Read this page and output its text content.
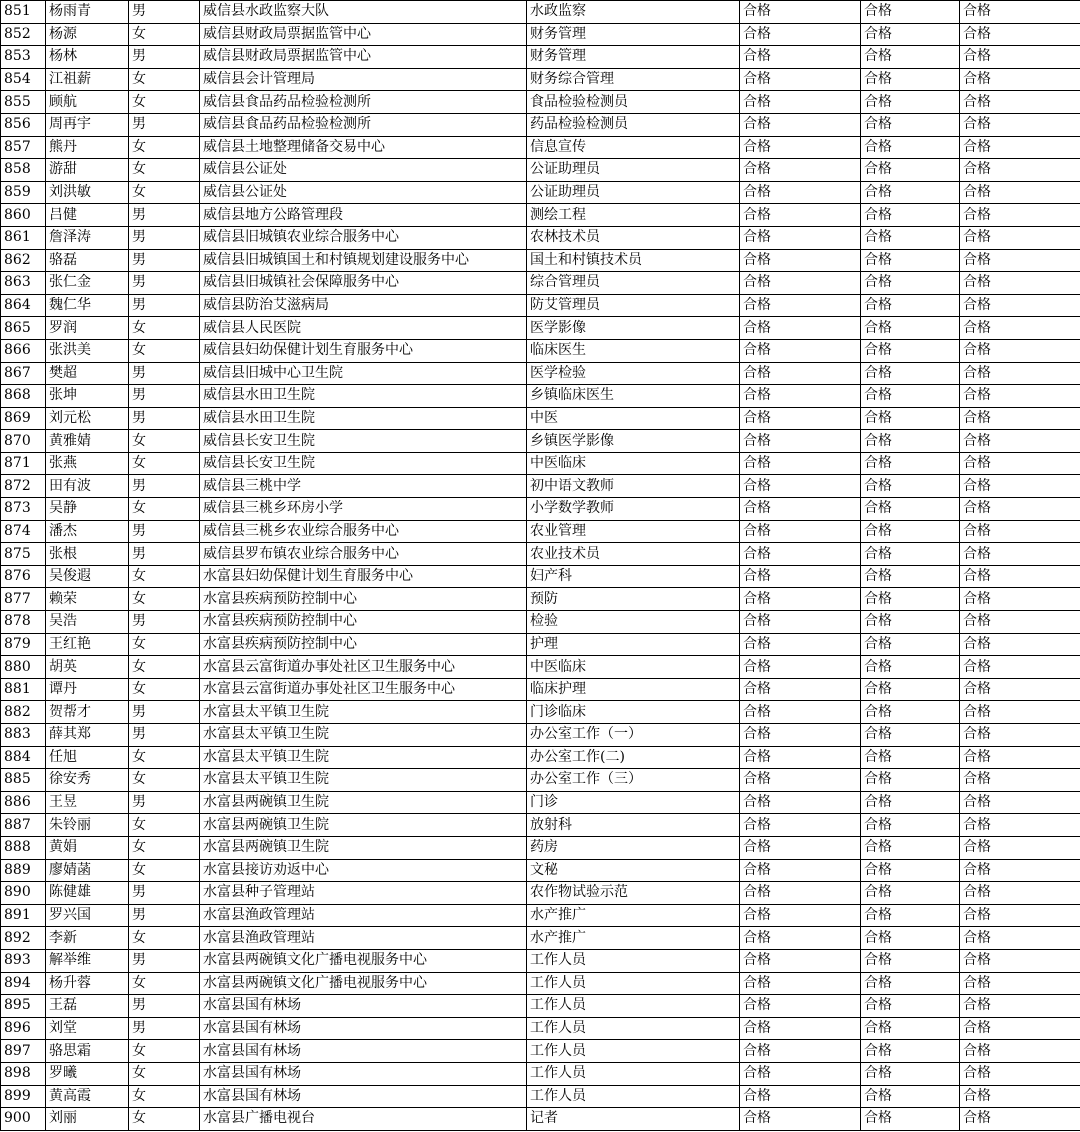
851	杨雨青	男	威信县水政监察大队	水政监察	合格	合格	合格
852	杨源	女	威信县财政局票据监管中心	财务管理	合格	合格	合格
853	杨林	男	威信县财政局票据监管中心	财务管理	合格	合格	合格
854	江祖薪	女	威信县会计管理局	财务综合管理	合格	合格	合格
855	顾航	女	威信县食品药品检验检测所	食品检验检测员	合格	合格	合格
856	周再宇	男	威信县食品药品检验检测所	药品检验检测员	合格	合格	合格
857	熊丹	女	威信县土地整理储备交易中心	信息宣传	合格	合格	合格
858	游甜	女	威信县公证处	公证助理员	合格	合格	合格
859	刘洪敏	女	威信县公证处	公证助理员	合格	合格	合格
860	吕健	男	威信县地方公路管理段	测绘工程	合格	合格	合格
861	詹泽涛	男	威信县旧城镇农业综合服务中心	农林技术员	合格	合格	合格
862	骆磊	男	威信县旧城镇国土和村镇规划建设服务中心	国土和村镇技术员	合格	合格	合格
863	张仁金	男	威信县旧城镇社会保障服务中心	综合管理员	合格	合格	合格
864	魏仁华	男	威信县防治艾滋病局	防艾管理员	合格	合格	合格
865	罗润	女	威信县人民医院	医学影像	合格	合格	合格
866	张洪美	女	威信县妇幼保健计划生育服务中心	临床医生	合格	合格	合格
867	樊超	男	威信县旧城中心卫生院	医学检验	合格	合格	合格
868	张坤	男	威信县水田卫生院	乡镇临床医生	合格	合格	合格
869	刘元松	男	威信县水田卫生院	中医	合格	合格	合格
870	黄雅婧	女	威信县长安卫生院	乡镇医学影像	合格	合格	合格
871	张燕	女	威信县长安卫生院	中医临床	合格	合格	合格
872	田有波	男	威信县三桃中学	初中语文教师	合格	合格	合格
873	吴静	女	威信县三桃乡环房小学	小学数学教师	合格	合格	合格
874	潘杰	男	威信县三桃乡农业综合服务中心	农业管理	合格	合格	合格
875	张根	男	威信县罗布镇农业综合服务中心	农业技术员	合格	合格	合格
876	吴俊遐	女	水富县妇幼保健计划生育服务中心	妇产科	合格	合格	合格
877	赖荣	女	水富县疾病预防控制中心	预防	合格	合格	合格
878	吴浩	男	水富县疾病预防控制中心	检验	合格	合格	合格
879	王红艳	女	水富县疾病预防控制中心	护理	合格	合格	合格
880	胡英	女	水富县云富街道办事处社区卫生服务中心	中医临床	合格	合格	合格
881	谭丹	女	水富县云富街道办事处社区卫生服务中心	临床护理	合格	合格	合格
882	贺帮才	男	水富县太平镇卫生院	门诊临床	合格	合格	合格
883	薛其郑	男	水富县太平镇卫生院	办公室工作（一）	合格	合格	合格
884	任旭	女	水富县太平镇卫生院	办公室工作(二)	合格	合格	合格
885	徐安秀	女	水富县太平镇卫生院	办公室工作（三）	合格	合格	合格
886	王昱	男	水富县两碗镇卫生院	门诊	合格	合格	合格
887	朱铃丽	女	水富县两碗镇卫生院	放射科	合格	合格	合格
888	黄娟	女	水富县两碗镇卫生院	药房	合格	合格	合格
889	廖婧菡	女	水富县接访劝返中心	文秘	合格	合格	合格
890	陈健雄	男	水富县种子管理站	农作物试验示范	合格	合格	合格
891	罗兴国	男	水富县渔政管理站	水产推广	合格	合格	合格
892	李新	女	水富县渔政管理站	水产推广	合格	合格	合格
893	解举维	男	水富县两碗镇文化广播电视服务中心	工作人员	合格	合格	合格
894	杨升蓉	女	水富县两碗镇文化广播电视服务中心	工作人员	合格	合格	合格
895	王磊	男	水富县国有林场	工作人员	合格	合格	合格
896	刘堂	男	水富县国有林场	工作人员	合格	合格	合格
897	骆思霜	女	水富县国有林场	工作人员	合格	合格	合格
898	罗曦	女	水富县国有林场	工作人员	合格	合格	合格
899	黄高霞	女	水富县国有林场	工作人员	合格	合格	合格
900	刘丽	女	水富县广播电视台	记者	合格	合格	合格
